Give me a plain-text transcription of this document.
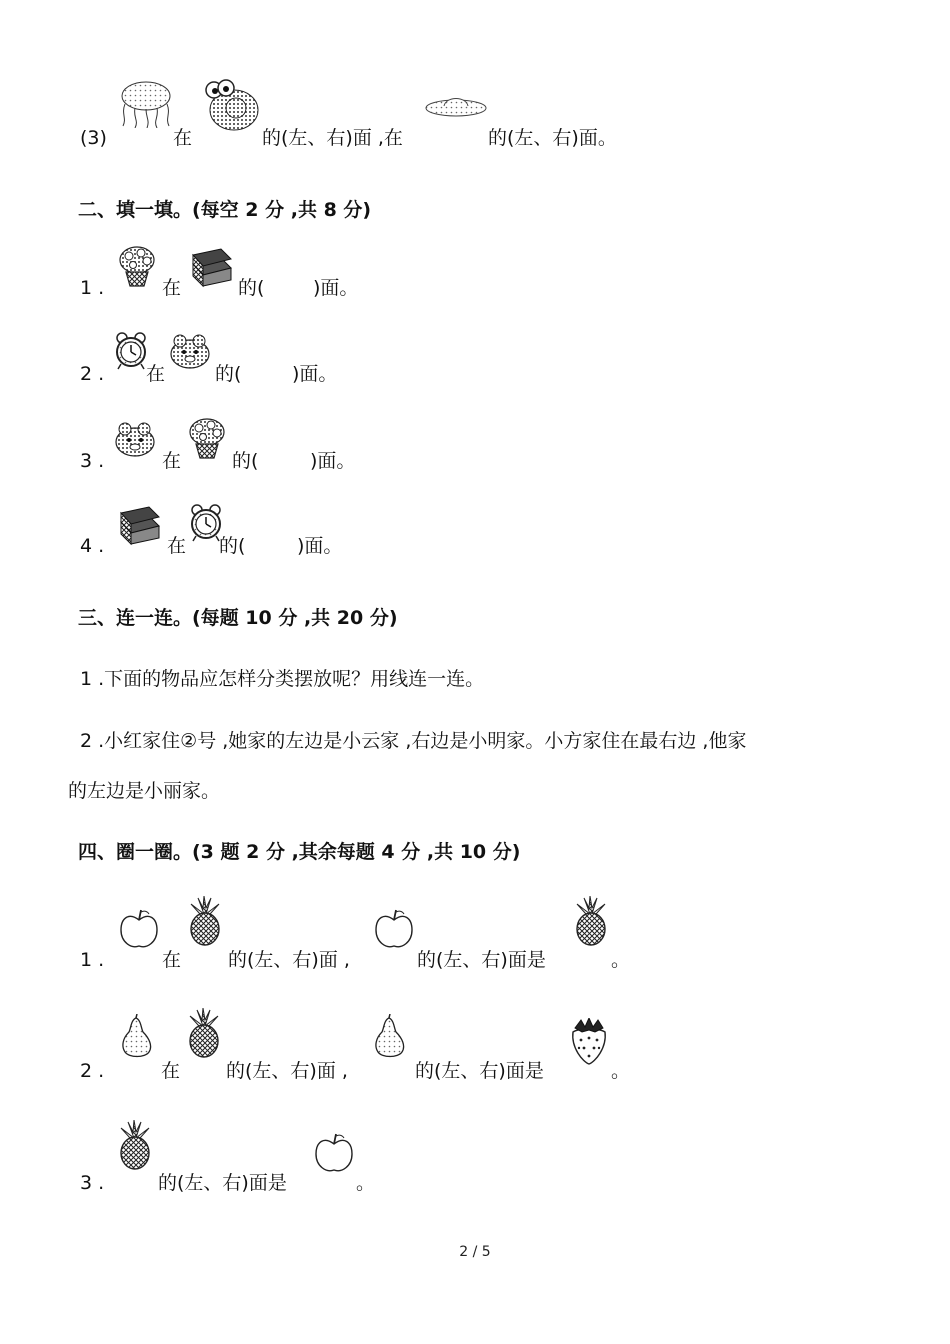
(3)	在	的(左、右)面 ,在	的(左、右)面。
二、填一填。(每空 2 分 ,共 8 分)
1 .	在	的(	)面。
2 . 在	的(	)面。
3 .	在	的(	)面。
4 .	在 的(	)面。
三、连一连。(每题 10 分 ,共 20 分)
1 .下面的物品应怎样分类摆放呢？用线连一连。
2 .小红家住②号 ,她家的左边是小云家 ,右边是小明家。小方家住在最右边 ,他家
的左边是小丽家。
四、圈一圈。(3 题 2 分 ,其余每题 4 分 ,共 10 分)
1 .	在 的(左、右)面 ,	的(左、右)面是	。
2 .	在 的(左、右)面 ,	的(左、右)面是	。
3 .	的(左、右)面是	。
2 / 5
